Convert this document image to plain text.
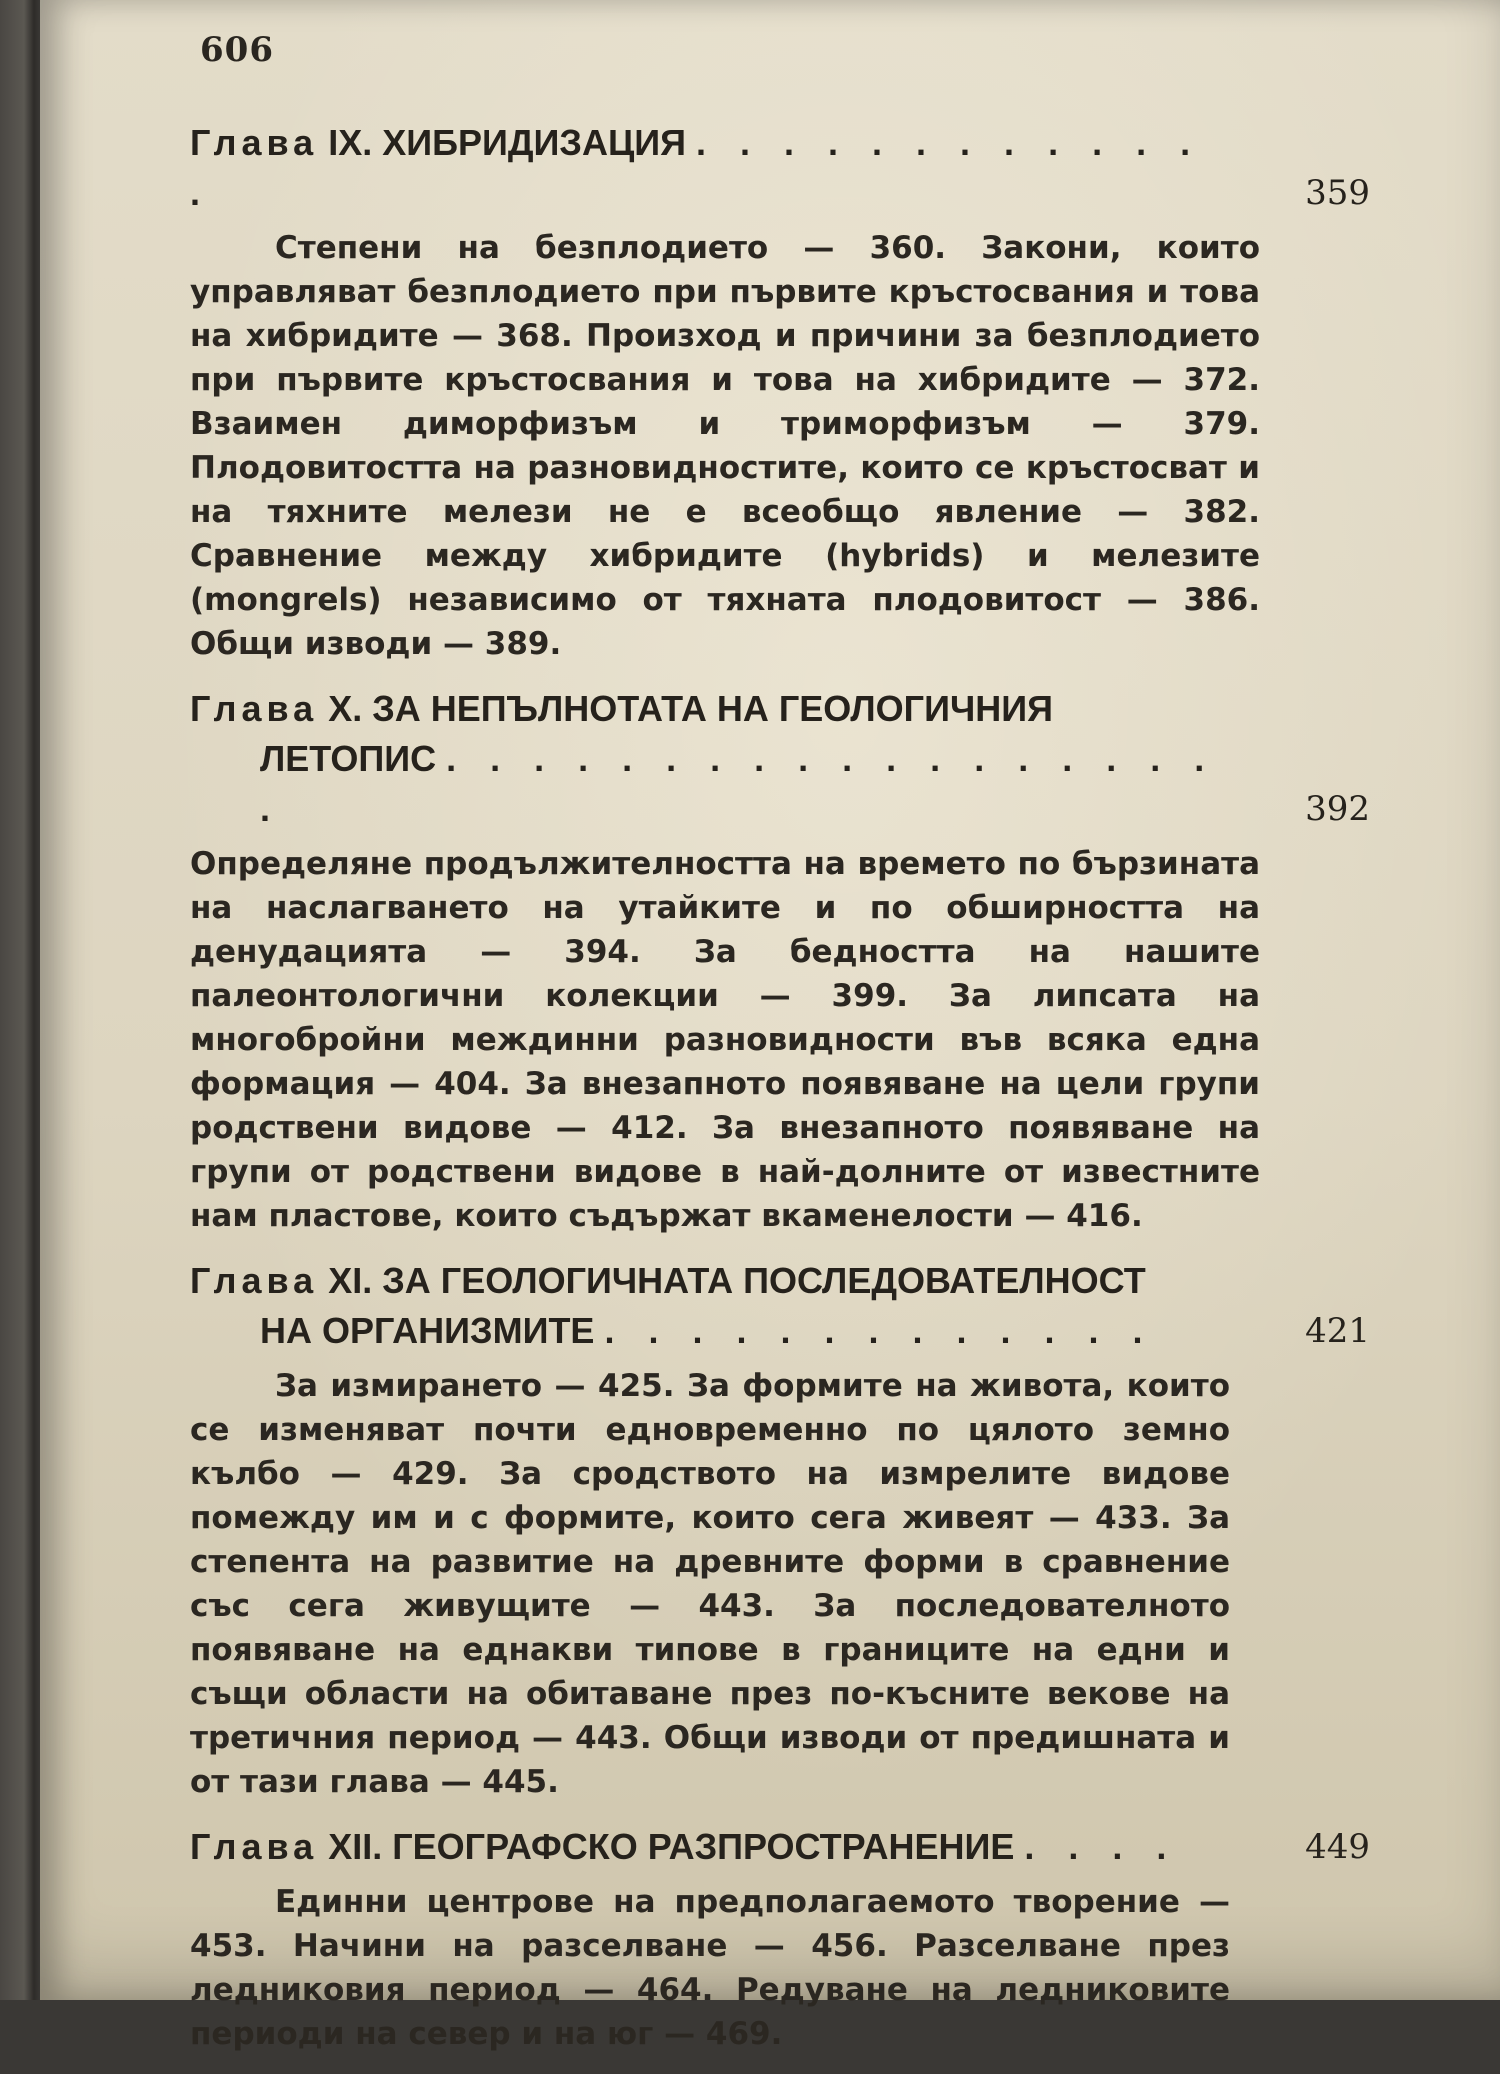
606
Глава IX. ХИБРИДИЗАЦИЯ . . . . . . . . . . . . .	359

Степени на безплодието — 360. Закони, които управляват безплодието при първите кръстосвания и това на хибридите — 368. Произход и причини за безплодието при първите кръстосвания и това на хибридите — 372. Взаимен диморфизъм и триморфизъм — 379. Плодовитостта на разновидностите, които се кръстосват и на тяхните мелези не е всеобщо явление — 382. Сравнение между хибридите (hybrids) и мелезите (mongrels) независимо от тяхната плодовитост — 386. Общи изводи — 389.

Глава X. ЗА НЕПЪЛНОТАТА НА ГЕОЛОГИЧНИЯ
ЛЕТОПИС . . . . . . . . . . . . . . . . . . .	392

Определяне продължителността на времето по бързината на наслагването на утайките и по обширността на денудацията — 394. За бедността на нашите палеонтологични колекции — 399. За липсата на многобройни междинни разновидности във всяка една формация — 404. За внезапното появяване на цели групи родствени видове — 412. За внезапното появяване на групи от родствени видове в най-долните от известните нам пластове, които съдържат вкаменелости — 416.

Глава XI. ЗА ГЕОЛОГИЧНАТА ПОСЛЕДОВАТЕЛНОСТ
НА ОРГАНИЗМИТЕ . . . . . . . . . . . . .	421

За измирането — 425. За формите на живота, които се изменяват почти едновременно по цялото земно кълбо — 429. За сродството на измрелите видове помежду им и с формите, които сега живеят — 433. За степента на развитие на древните форми в сравнение със сега живущите — 443. За последователното появяване на еднакви типове в границите на едни и същи области на обитаване през по-късните векове на третичния период — 443. Общи изводи от предишната и от тази глава — 445.

Глава XII. ГЕОГРАФСКО РАЗПРОСТРАНЕНИЕ . . . .	449

Единни центрове на предполагаемото творение — 453. Начини на разселване — 456. Разселване през ледниковия период — 464. Редуване на ледниковите периоди на север и на юг — 469.
